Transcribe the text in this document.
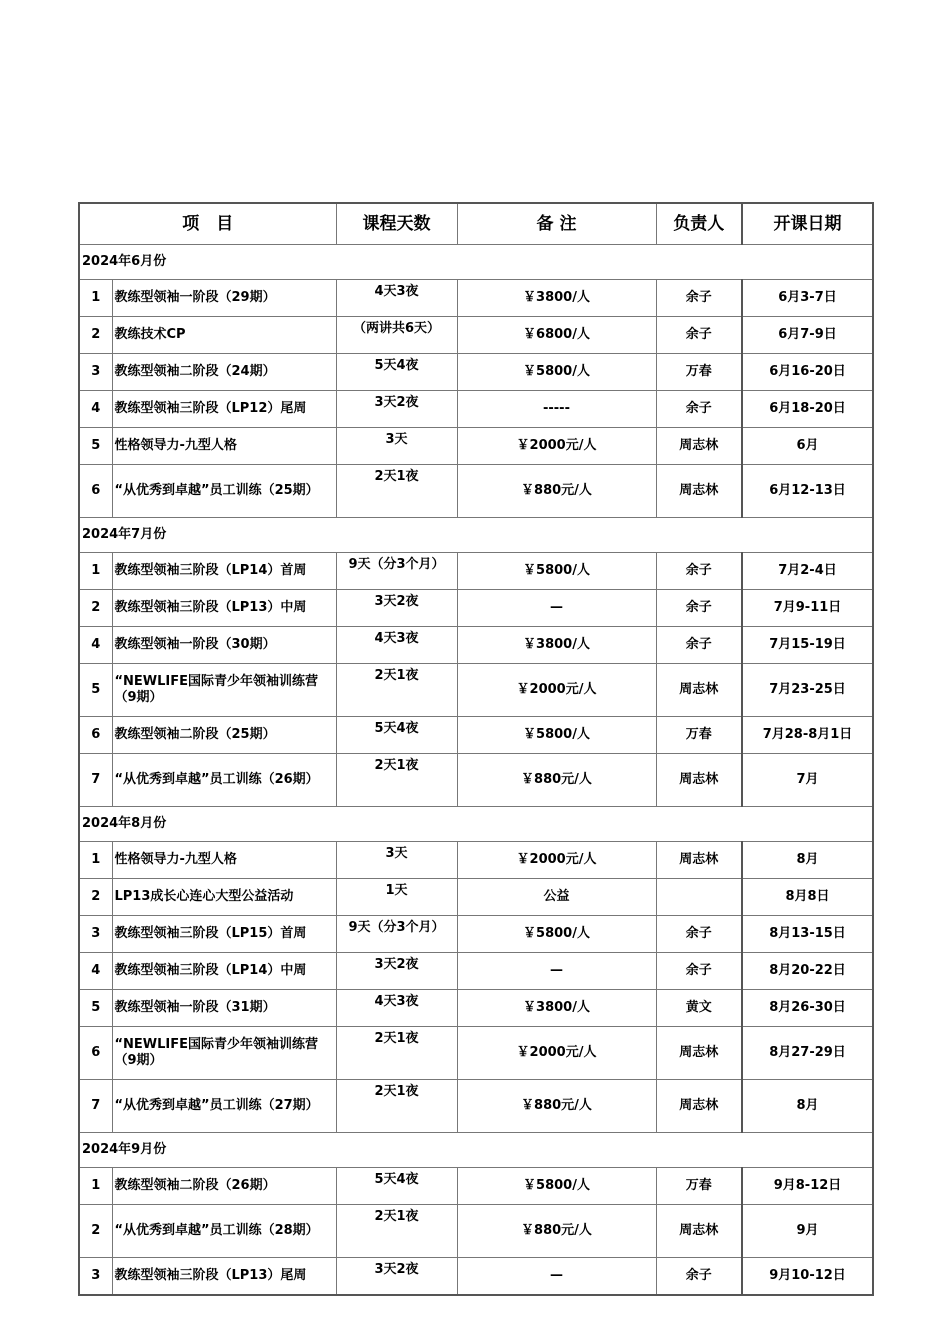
项　目		课程天数	备 注	负责人	开课日期
2024年6月份					
1	教练型领袖一阶段（29期）	4天3夜	￥3800/人	余子	6月3-7日
2	教练技术CP	（两讲共6天）	￥6800/人	余子	6月7-9日
3	教练型领袖二阶段（24期）	5天4夜	￥5800/人	万春	6月16-20日
4	教练型领袖三阶段（LP12）尾周	3天2夜	-----	余子	6月18-20日
5	性格领导力-九型人格	3天	￥2000元/人	周志林	6月
6	“从优秀到卓越”员工训练（25期）	2天1夜	￥880元/人	周志林	6月12-13日
2024年7月份					
1	教练型领袖三阶段（LP14）首周	9天（分3个月）	￥5800/人	余子	7月2-4日
2	教练型领袖三阶段（LP13）中周	3天2夜	—	余子	7月9-11日
4	教练型领袖一阶段（30期）	4天3夜	￥3800/人	余子	7月15-19日
5	“NEWLIFE国际青少年领袖训练营（9期）	2天1夜	￥2000元/人	周志林	7月23-25日
6	教练型领袖二阶段（25期）	5天4夜	￥5800/人	万春	7月28-8月1日
7	“从优秀到卓越”员工训练（26期）	2天1夜	￥880元/人	周志林	7月
2024年8月份					
1	性格领导力-九型人格	3天	￥2000元/人	周志林	8月
2	LP13成长心连心大型公益活动	1天	公益		8月8日
3	教练型领袖三阶段（LP15）首周	9天（分3个月）	￥5800/人	余子	8月13-15日
4	教练型领袖三阶段（LP14）中周	3天2夜	—	余子	8月20-22日
5	教练型领袖一阶段（31期）	4天3夜	￥3800/人	黄文	8月26-30日
6	“NEWLIFE国际青少年领袖训练营（9期）	2天1夜	￥2000元/人	周志林	8月27-29日
7	“从优秀到卓越”员工训练（27期）	2天1夜	￥880元/人	周志林	8月
2024年9月份					
1	教练型领袖二阶段（26期）	5天4夜	￥5800/人	万春	9月8-12日
2	“从优秀到卓越”员工训练（28期）	2天1夜	￥880元/人	周志林	9月
3	教练型领袖三阶段（LP13）尾周	3天2夜	—	余子	9月10-12日
